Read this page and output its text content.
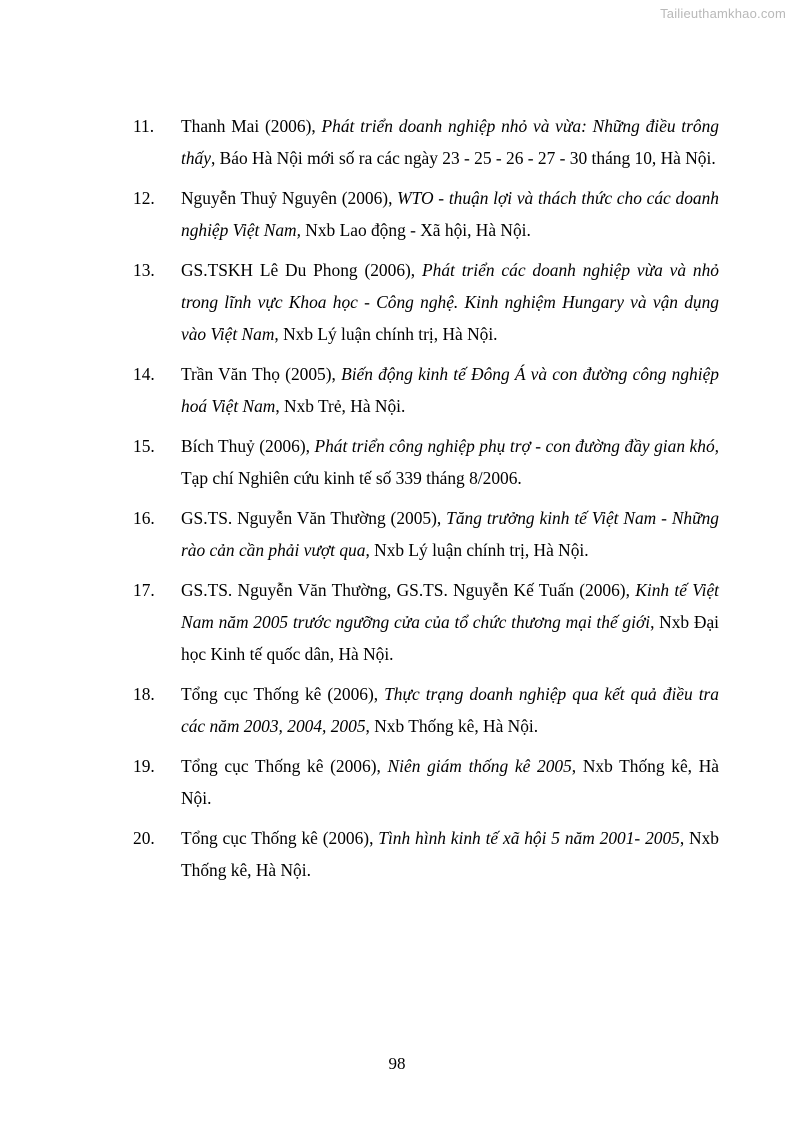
Tailieuthamkhao.com
11. Thanh Mai (2006), Phát triển doanh nghiệp nhỏ và vừa: Những điều trông thấy, Báo Hà Nội mới số ra các ngày 23 - 25 - 26 - 27 - 30 tháng 10, Hà Nội.
12. Nguyễn Thuỷ Nguyên (2006), WTO - thuận lợi và thách thức cho các doanh nghiệp Việt Nam, Nxb Lao động - Xã hội, Hà Nội.
13. GS.TSKH Lê Du Phong (2006), Phát triển các doanh nghiệp vừa và nhỏ trong lĩnh vực Khoa học - Công nghệ. Kinh nghiệm Hungary và vận dụng vào Việt Nam, Nxb Lý luận chính trị, Hà Nội.
14. Trần Văn Thọ (2005), Biến động kinh tế Đông Á và con đường công nghiệp hoá Việt Nam, Nxb Trẻ, Hà Nội.
15. Bích Thuỷ (2006), Phát triển công nghiệp phụ trợ - con đường đầy gian khó, Tạp chí Nghiên cứu kinh tế số 339 tháng 8/2006.
16. GS.TS. Nguyễn Văn Thường (2005), Tăng trưởng kinh tế Việt Nam - Những rào cản cần phải vượt qua, Nxb Lý luận chính trị, Hà Nội.
17. GS.TS. Nguyễn Văn Thường, GS.TS. Nguyễn Kế Tuấn (2006), Kinh tế Việt Nam năm 2005 trước ngưỡng cửa của tổ chức thương mại thế giới, Nxb Đại học Kinh tế quốc dân, Hà Nội.
18. Tổng cục Thống kê (2006), Thực trạng doanh nghiệp qua kết quả điều tra các năm 2003, 2004, 2005, Nxb Thống kê, Hà Nội.
19. Tổng cục Thống kê (2006), Niên giám thống kê 2005, Nxb Thống kê, Hà Nội.
20. Tổng cục Thống kê (2006), Tình hình kinh tế xã hội 5 năm 2001- 2005, Nxb Thống kê, Hà Nội.
98
